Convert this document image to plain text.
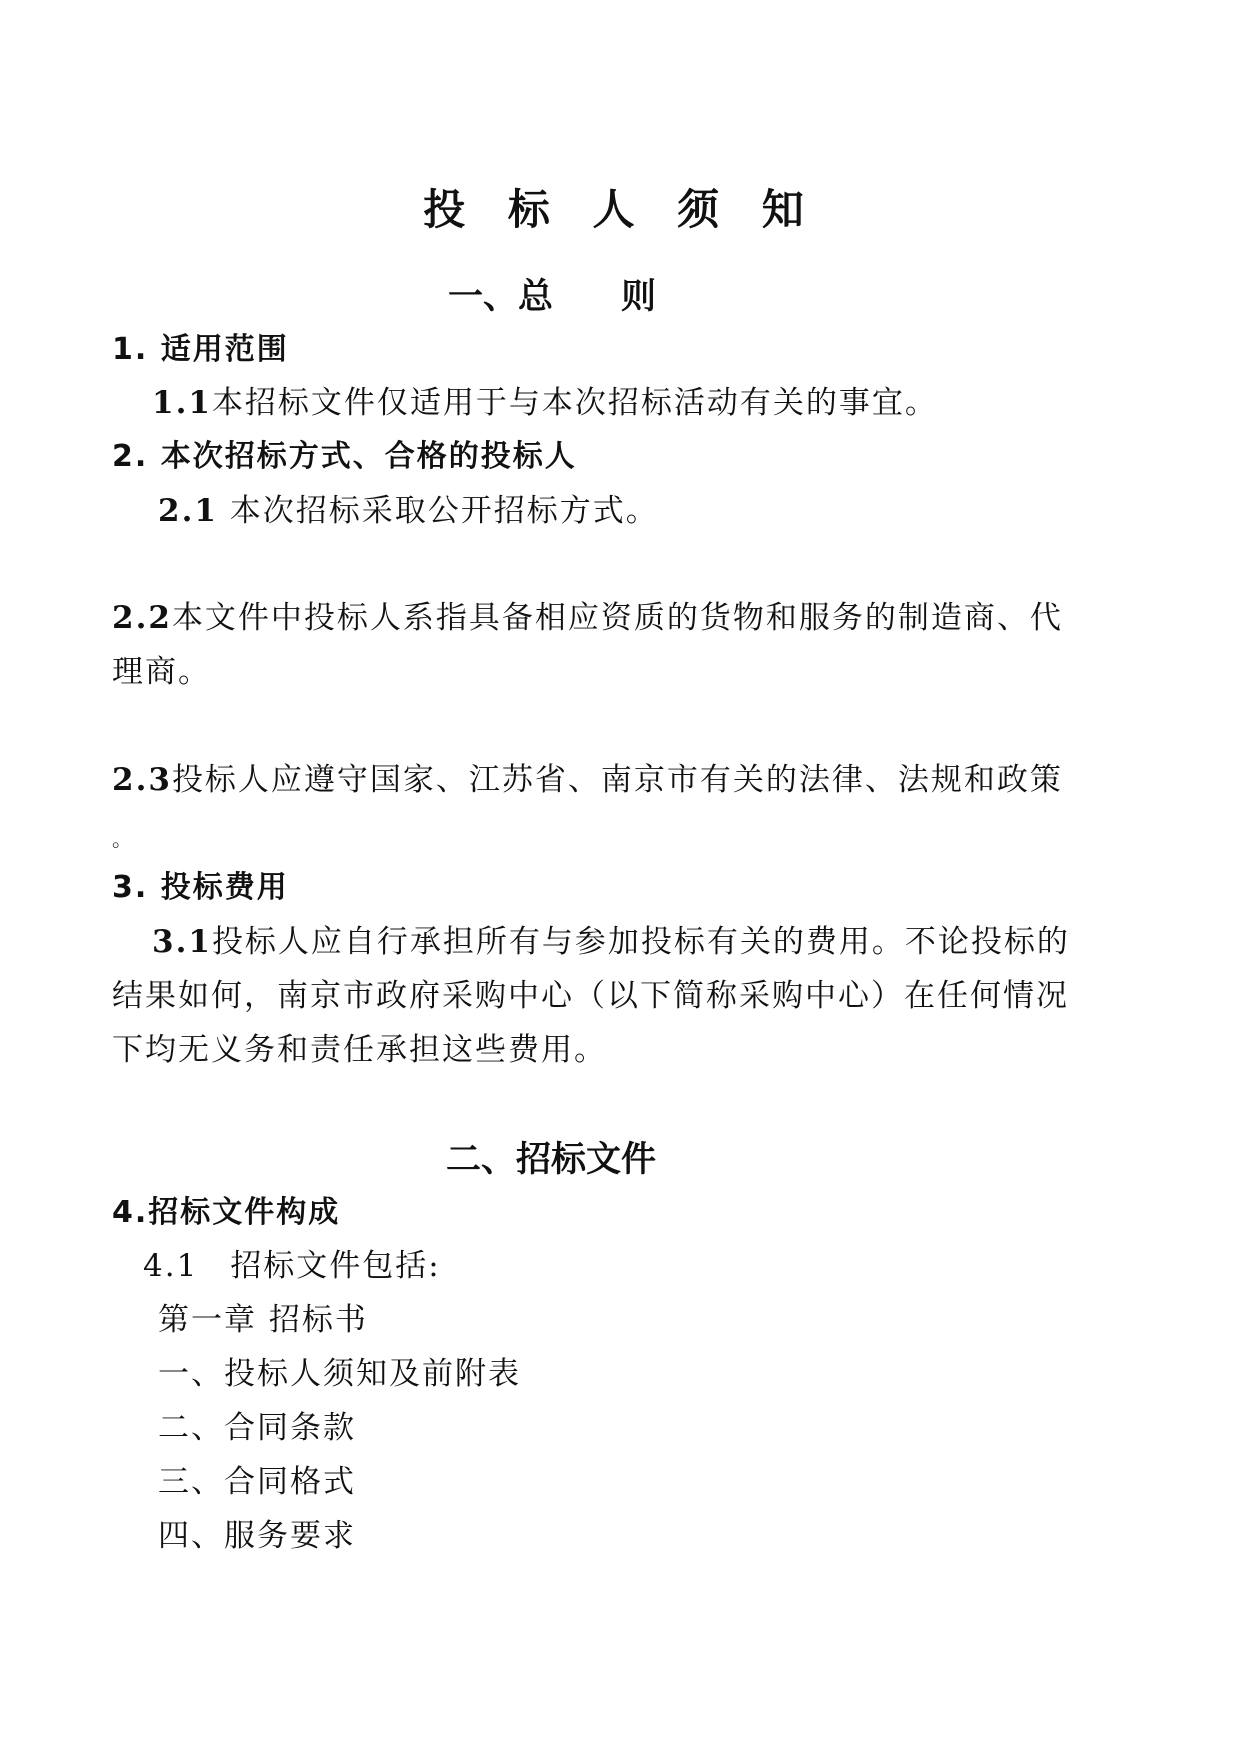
投 标 人 须 知
一、总 则
1. 适用范围
1.1本招标文件仅适用于与本次招标活动有关的事宜。
2. 本次招标方式、合格的投标人
2.1 本次招标采取公开招标方式。
2.2本文件中投标人系指具备相应资质的货物和服务的制造商、代
理商。
2.3投标人应遵守国家、江苏省、南京市有关的法律、法规和政策
。
3. 投标费用
3.1投标人应自行承担所有与参加投标有关的费用。不论投标的
结果如何，南京市政府采购中心（以下简称采购中心）在任何情况
下均无义务和责任承担这些费用。
二、招标文件
4.招标文件构成
4.1 招标文件包括:
第一章 招标书
一、投标人须知及前附表
二、合同条款
三、合同格式
四、服务要求
